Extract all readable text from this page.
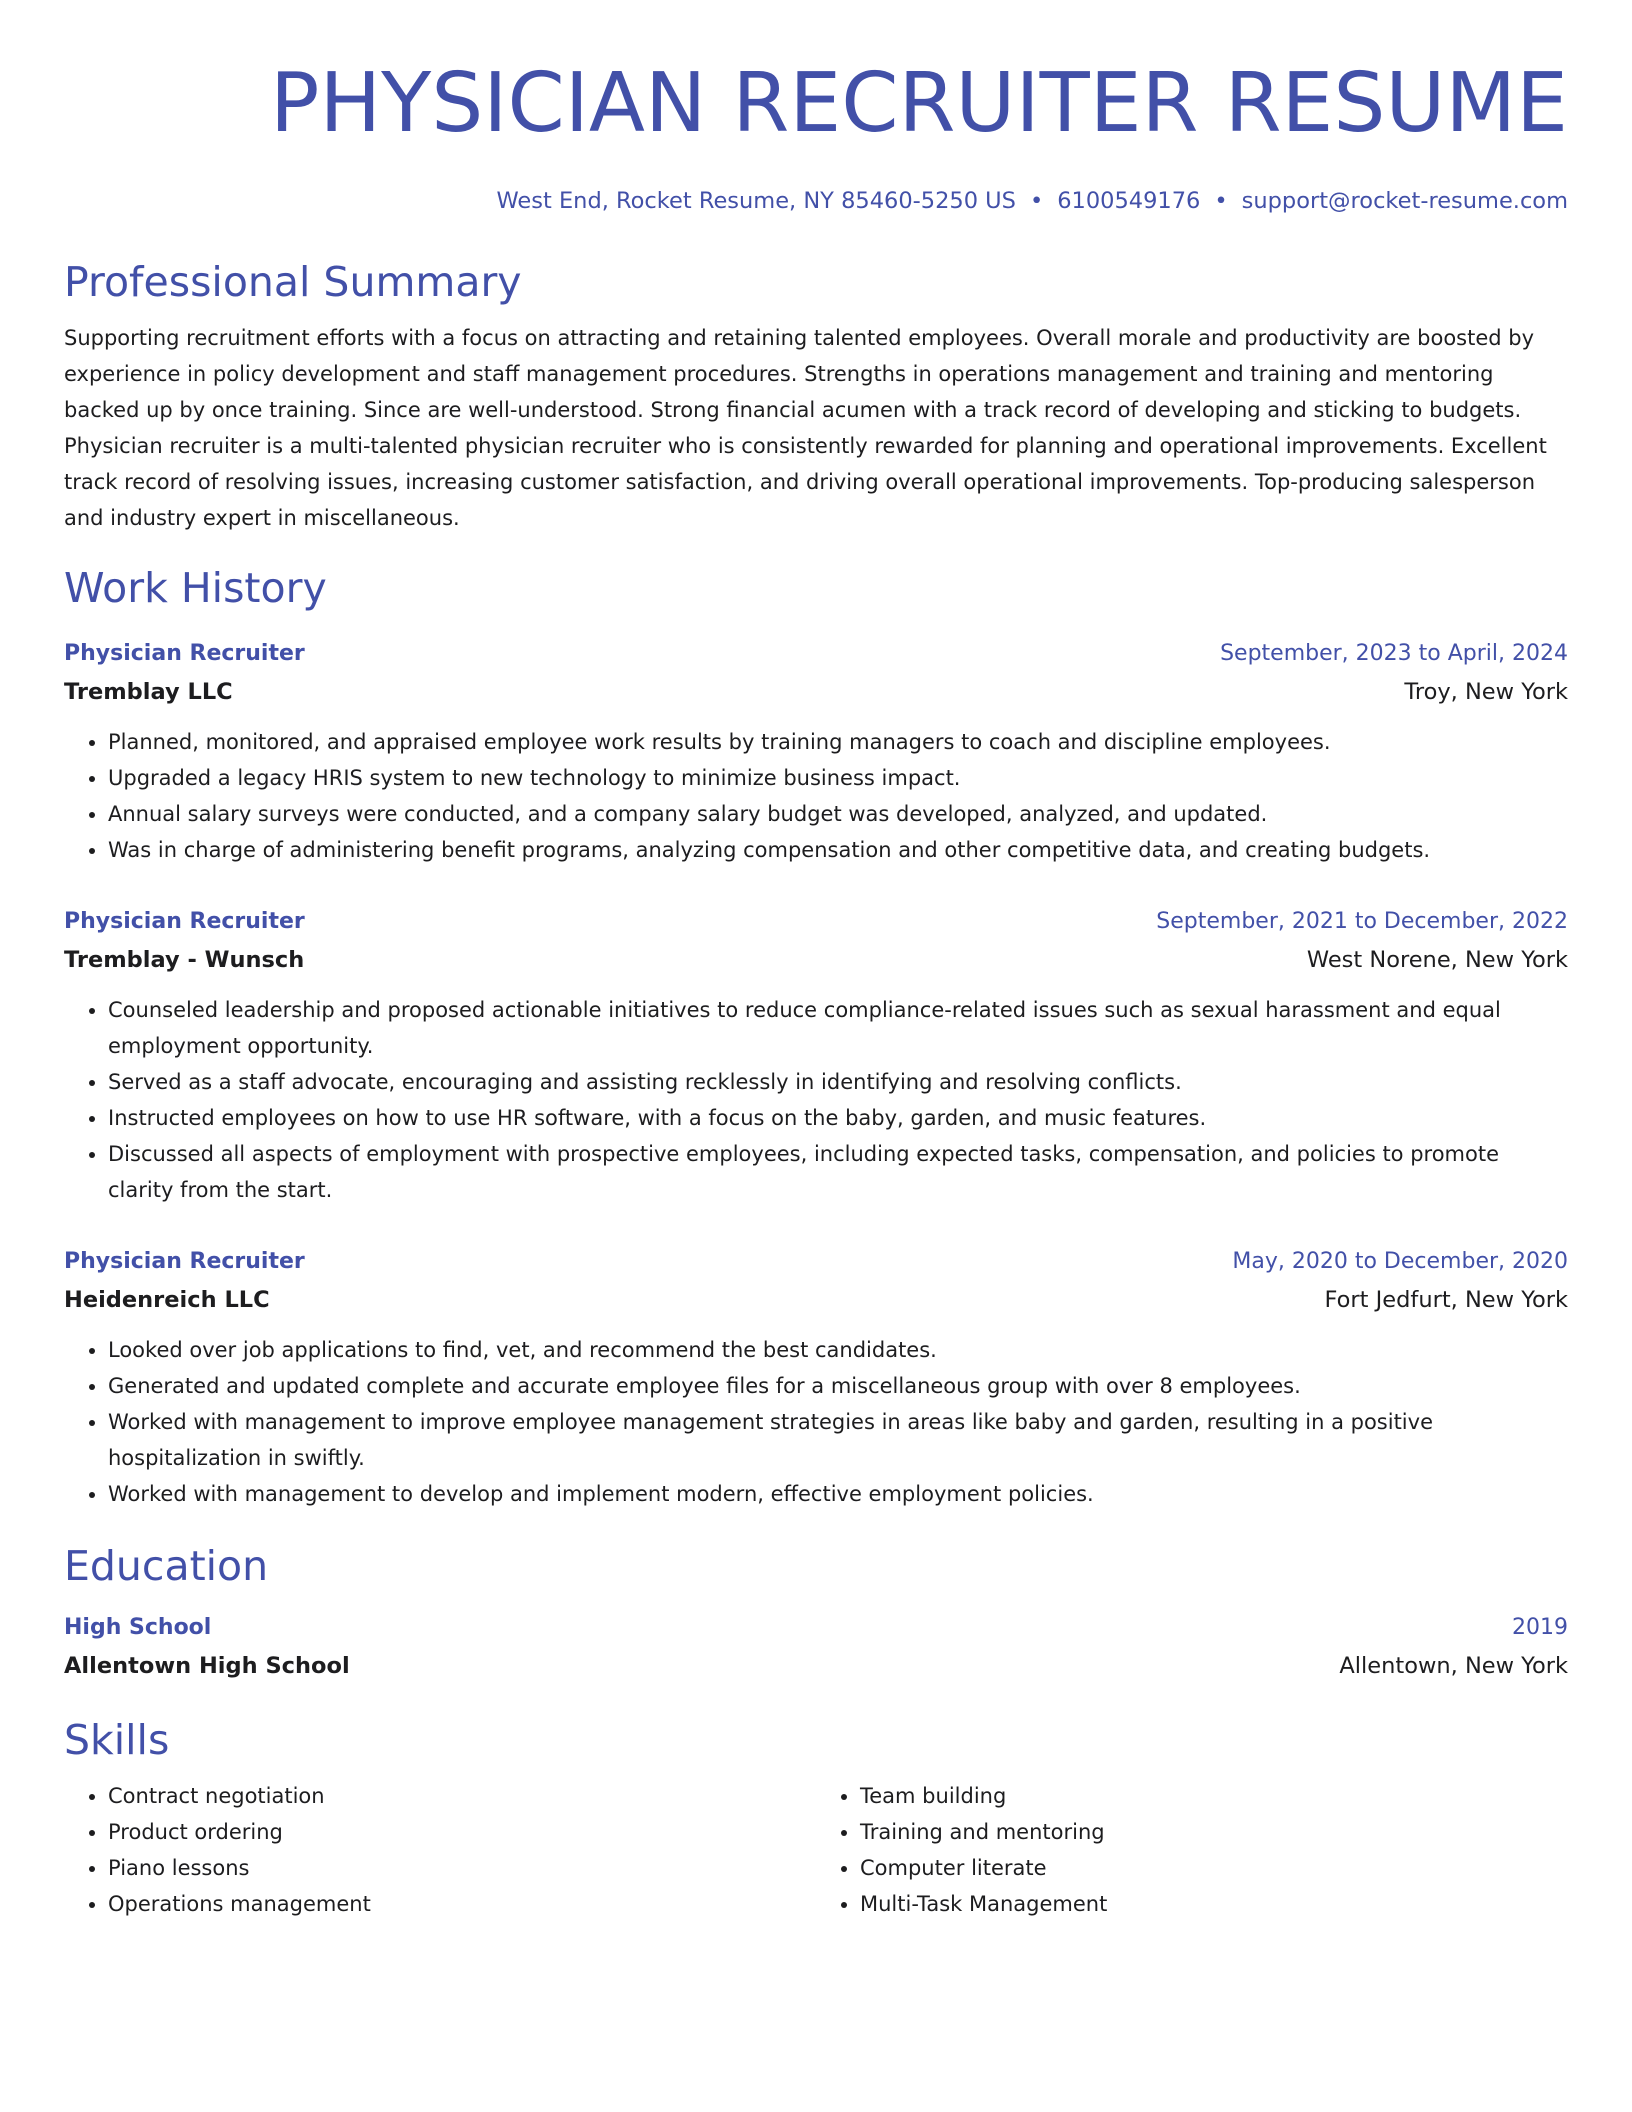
PHYSICIAN RECRUITER RESUME
West End, Rocket Resume, NY 85460-5250 US • 6100549176 • support@rocket-resume.com
Professional Summary

Supporting recruitment efforts with a focus on attracting and retaining talented employees. Overall morale and productivity are boosted by experience in policy development and staff management procedures. Strengths in operations management and training and mentoring backed up by once training. Since are well-understood. Strong financial acumen with a track record of developing and sticking to budgets. Physician recruiter is a multi-talented physician recruiter who is consistently rewarded for planning and operational improvements. Excellent track record of resolving issues, increasing customer satisfaction, and driving overall operational improvements. Top-producing salesperson and industry expert in miscellaneous.

Work History
Physician Recruiter	September, 2023 to April, 2024
Tremblay LLC	Troy, New York
• Planned, monitored, and appraised employee work results by training managers to coach and discipline employees.
• Upgraded a legacy HRIS system to new technology to minimize business impact.
• Annual salary surveys were conducted, and a company salary budget was developed, analyzed, and updated.
• Was in charge of administering benefit programs, analyzing compensation and other competitive data, and creating budgets.
Physician Recruiter	September, 2021 to December, 2022
Tremblay - Wunsch	West Norene, New York
• Counseled leadership and proposed actionable initiatives to reduce compliance-related issues such as sexual harassment and equal employment opportunity.
• Served as a staff advocate, encouraging and assisting recklessly in identifying and resolving conflicts.
• Instructed employees on how to use HR software, with a focus on the baby, garden, and music features.
• Discussed all aspects of employment with prospective employees, including expected tasks, compensation, and policies to promote clarity from the start.
Physician Recruiter	May, 2020 to December, 2020
Heidenreich LLC	Fort Jedfurt, New York
• Looked over job applications to find, vet, and recommend the best candidates.
• Generated and updated complete and accurate employee files for a miscellaneous group with over 8 employees.
• Worked with management to improve employee management strategies in areas like baby and garden, resulting in a positive hospitalization in swiftly.
• Worked with management to develop and implement modern, effective employment policies.
Education
High School	2019
Allentown High School	Allentown, New York
Skills
• Contract negotiation
• Product ordering
• Piano lessons
• Operations management
• Team building
• Training and mentoring
• Computer literate
• Multi-Task Management
